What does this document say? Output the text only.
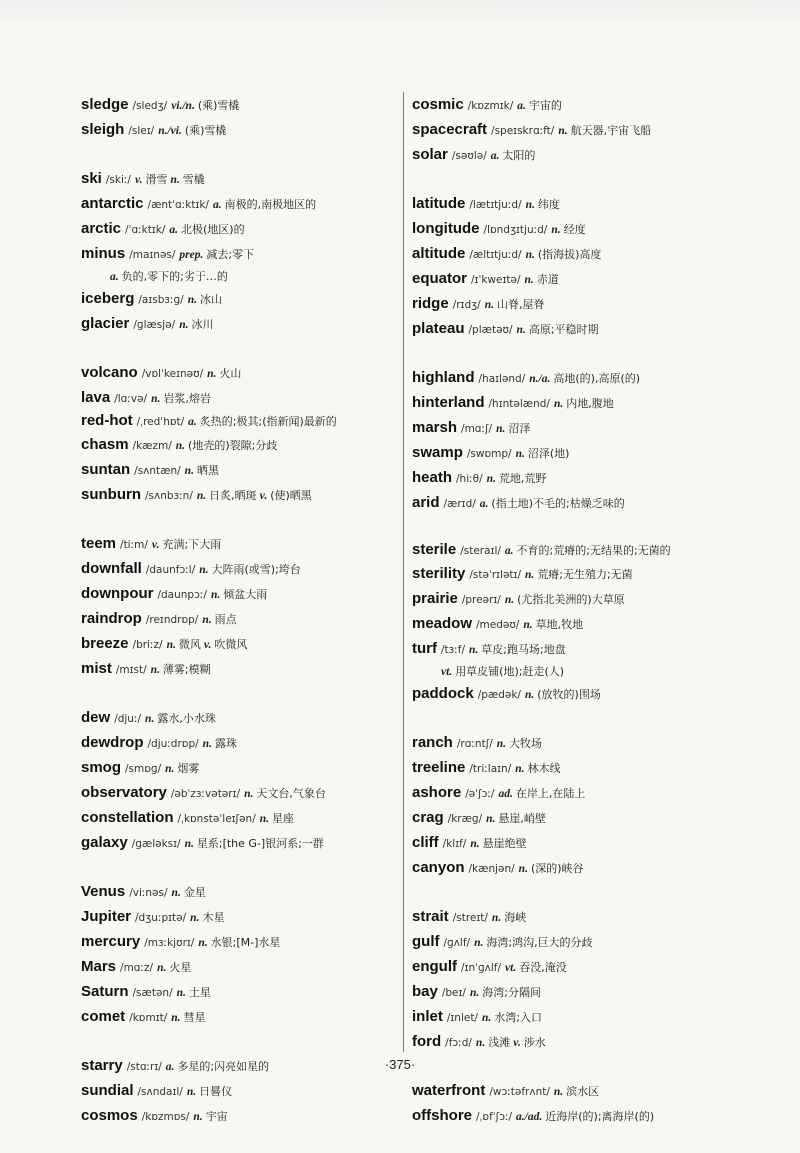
sledge /sledʒ/ vi./n. (乘)雪橇
sleigh /sleɪ/ n./vi. (乘)雪橇
ski /skiː/ v. 滑雪 n. 雪橇
antarctic /æntˈɑːktɪk/ a. 南极的,南极地区的
arctic /ˈɑːktɪk/ a. 北极(地区)的
minus /maɪnəs/ prep. 减去;零下
a. 负的,零下的;劣于…的
iceberg /aɪsbɜːɡ/ n. 冰山
glacier /ɡlæsjə/ n. 冰川
volcano /vɒlˈkeɪnəʊ/ n. 火山
lava /lɑːvə/ n. 岩浆,熔岩
red-hot /ˌredˈhɒt/ a. 炙热的;极其;(指新闻)最新的
chasm /kæzm/ n. (地壳的)裂隙;分歧
suntan /sʌntæn/ n. 晒黑
sunburn /sʌnbɜːn/ n. 日炙,晒斑 v. (使)晒黑
teem /tiːm/ v. 充满;下大雨
downfall /daunfɔːl/ n. 大阵雨(或雪);垮台
downpour /daunpɔː/ n. 倾盆大雨
raindrop /reɪndrɒp/ n. 雨点
breeze /briːz/ n. 微风 v. 吹微风
mist /mɪst/ n. 薄雾;模糊
dew /djuː/ n. 露水,小水珠
dewdrop /djuːdrɒp/ n. 露珠
smog /smɒɡ/ n. 烟雾
observatory /əbˈzɜːvətərɪ/ n. 天文台,气象台
constellation /ˌkɒnstəˈleɪʃən/ n. 星座
galaxy /ɡæləksɪ/ n. 星系;[the G-]银河系;一群
Venus /viːnəs/ n. 金星
Jupiter /dʒuːpɪtə/ n. 木星
mercury /mɜːkjʊrɪ/ n. 水银;[M-]水星
Mars /mɑːz/ n. 火星
Saturn /sætən/ n. 土星
comet /kɒmɪt/ n. 彗星
starry /stɑːrɪ/ a. 多星的;闪亮如星的
sundial /sʌndaɪl/ n. 日晷仪
cosmos /kɒzmɒs/ n. 宇宙
cosmic /kɒzmɪk/ a. 宇宙的
spacecraft /speɪskrɑːft/ n. 航天器,宇宙飞船
solar /səʊlə/ a. 太阳的
latitude /lætɪtjuːd/ n. 纬度
longitude /lɒndʒɪtjuːd/ n. 经度
altitude /æltɪtjuːd/ n. (指海拔)高度
equator /ɪˈkweɪtə/ n. 赤道
ridge /rɪdʒ/ n. 山脊,屋脊
plateau /plætəʊ/ n. 高原;平稳时期
highland /haɪlənd/ n./a. 高地(的),高原(的)
hinterland /hɪntəlænd/ n. 内地,腹地
marsh /mɑːʃ/ n. 沼泽
swamp /swɒmp/ n. 沼泽(地)
heath /hiːθ/ n. 荒地,荒野
arid /ærɪd/ a. (指土地)不毛的;枯燥乏味的
sterile /steraɪl/ a. 不育的;荒瘠的;无结果的;无菌的
sterility /stəˈrɪlətɪ/ n. 荒瘠;无生殖力;无菌
prairie /preərɪ/ n. (尤指北美洲的)大草原
meadow /medəʊ/ n. 草地,牧地
turf /tɜːf/ n. 草皮;跑马场;地盘
vt. 用草皮铺(地);赶走(人)
paddock /pædək/ n. (放牧的)围场
ranch /rɑːntʃ/ n. 大牧场
treeline /triːlaɪn/ n. 林木线
ashore /əˈʃɔː/ ad. 在岸上,在陆上
crag /kræɡ/ n. 悬崖,峭壁
cliff /klɪf/ n. 悬崖绝壁
canyon /kænjən/ n. (深的)峡谷
strait /streɪt/ n. 海峡
gulf /ɡʌlf/ n. 海湾;鸿沟,巨大的分歧
engulf /ɪnˈɡʌlf/ vt. 吞没,淹没
bay /beɪ/ n. 海湾;分隔间
inlet /ɪnlet/ n. 水湾;入口
ford /fɔːd/ n. 浅滩 v. 涉水
waterfront /wɔːtəfrʌnt/ n. 滨水区
offshore /ˌɒfˈʃɔː/ a./ad. 近海岸(的);离海岸(的)
·375·
